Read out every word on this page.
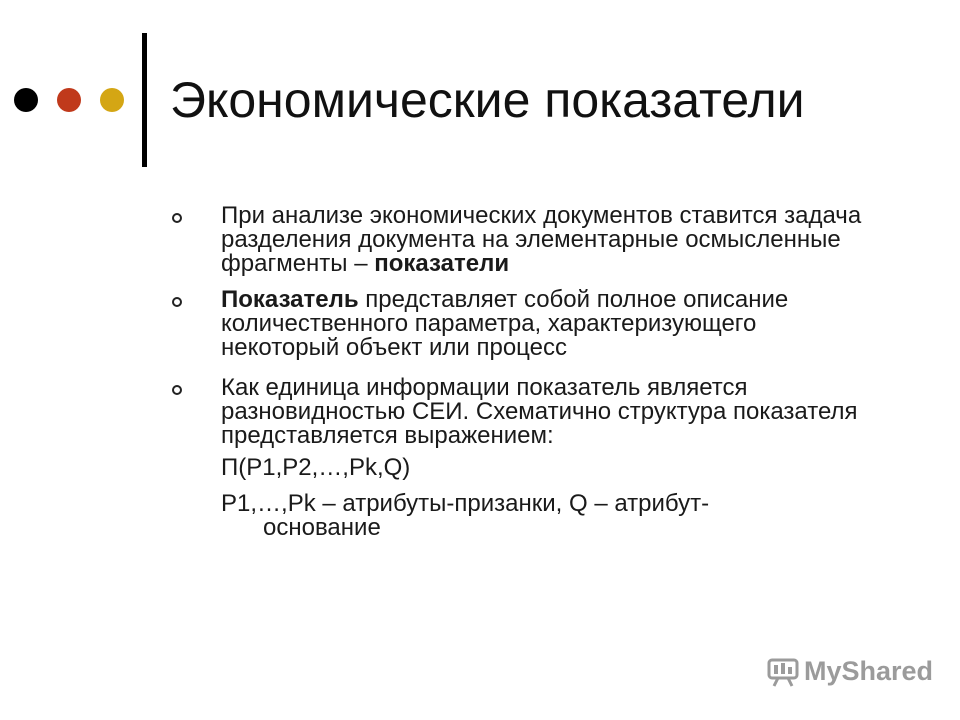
Экономические показатели
При анализе экономических документов ставится задача разделения документа на элементарные осмысленные фрагменты – показатели
Показатель представляет собой полное описание количественного параметра, характеризующего некоторый объект или процесс
Как единица информации показатель является разновидностью СЕИ. Схематично структура показателя представляется выражением:
П(P1,P2,…,Pk,Q)
P1,…,Pk – атрибуты-призанки, Q – атрибут-
основание
MyShared
